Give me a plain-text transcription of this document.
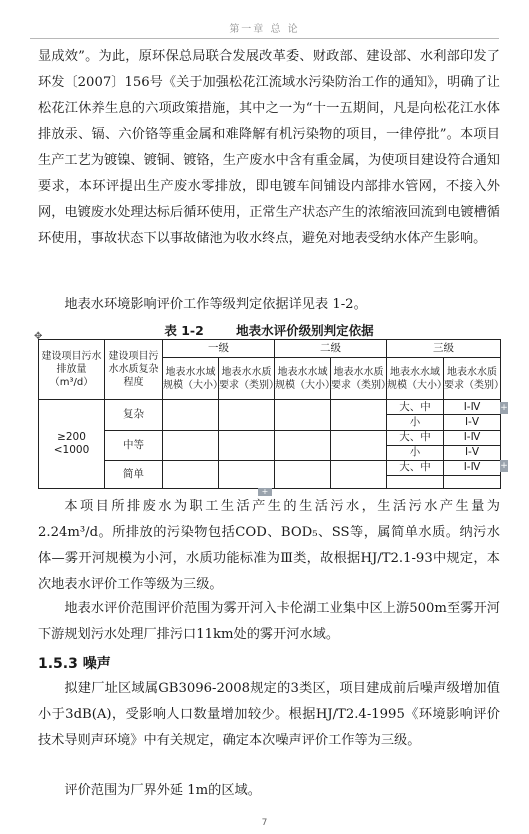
第一章 总 论

显成效”。为此，原环保总局联合发展改革委、财政部、建设部、水利部印发了环发〔2007〕156号《关于加强松花江流域水污染防治工作的通知》，明确了让松花江休养生息的六项政策措施，其中之一为“十一五期间，凡是向松花江水体排放汞、镉、六价铬等重金属和难降解有机污染物的项目，一律停批”。本项目生产工艺为镀镍、镀铜、镀铬，生产废水中含有重金属，为使项目建设符合通知要求，本环评提出生产废水零排放，即电镀车间铺设内部排水管网，不接入外网，电镀废水处理达标后循环使用，正常生产状态产生的浓缩液回流到电镀槽循环使用，事故状态下以事故储池为收水终点，避免对地表受纳水体产生影响。

地表水环境影响评价工作等级判定依据详见表 1-2。

✥	表 1-2	地表水评价级别判定依据
建设项目污水排放量（m³/d）	建设项目污水水质复杂程度	一级		二级		三级	
		地表水水域规模（大小）	地表水水质要求（类别）	地表水水域规模（大小）	地表水水质要求（类别）	地表水水域规模（大小）	地表水水质要求（类别）
≥200 <1000	复杂					大、中	Ⅰ-Ⅳ
						小	Ⅰ-Ⅴ
	中等					大、中	Ⅰ-Ⅳ
						小	Ⅰ-Ⅴ
	简单					大、中	Ⅰ-Ⅳ

+
+
+

本项目所排废水为职工生活产生的生活污水，生活污水产生量为2.24m³/d。所排放的污染物包括COD、BOD₅、SS等，属简单水质。纳污水体—雾开河规模为小河，水质功能标准为Ⅲ类，故根据HJ/T2.1-93中规定，本次地表水评价工作等级为三级。

地表水评价范围评价范围为雾开河入卡伦湖工业集中区上游500m至雾开河下游规划污水处理厂排污口11km处的雾开河水域。

1.5.3 噪声

拟建厂址区域属GB3096-2008规定的3类区，项目建成前后噪声级增加值小于3dB(A)，受影响人口数量增加较少。根据HJ/T2.4-1995《环境影响评价技术导则声环境》中有关规定，确定本次噪声评价工作等为三级。

评价范围为厂界外延 1m的区域。

7
